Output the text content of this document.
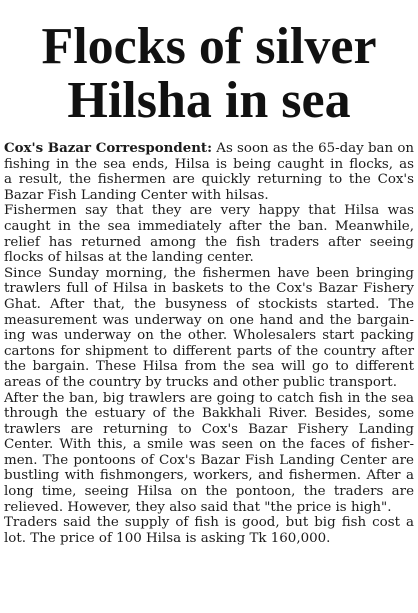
Flocks of silver
Hilsha in sea
Cox's Bazar Correspondent: As soon as the 65-day ban on
fishing in the sea ends, Hilsa is being caught in flocks, as
a result, the fishermen are quickly returning to the Cox's
Bazar Fish Landing Center with hilsas.
Fishermen say that they are very happy that Hilsa was
caught in the sea immediately after the ban. Meanwhile,
relief has returned among the fish traders after seeing
flocks of hilsas at the landing center.
Since Sunday morning, the fishermen have been bringing
trawlers full of Hilsa in baskets to the Cox's Bazar Fishery
Ghat. After that, the busyness of stockists started. The
measurement was underway on one hand and the bargain-
ing was underway on the other. Wholesalers start packing
cartons for shipment to different parts of the country after
the bargain. These Hilsa from the sea will go to different
areas of the country by trucks and other public transport.
After the ban, big trawlers are going to catch fish in the sea
through the estuary of the Bakkhali River. Besides, some
trawlers are returning to Cox's Bazar Fishery Landing
Center. With this, a smile was seen on the faces of fisher-
men. The pontoons of Cox's Bazar Fish Landing Center are
bustling with fishmongers, workers, and fishermen. After a
long time, seeing Hilsa on the pontoon, the traders are
relieved. However, they also said that "the price is high".
Traders said the supply of fish is good, but big fish cost a
lot. The price of 100 Hilsa is asking Tk 160,000.
